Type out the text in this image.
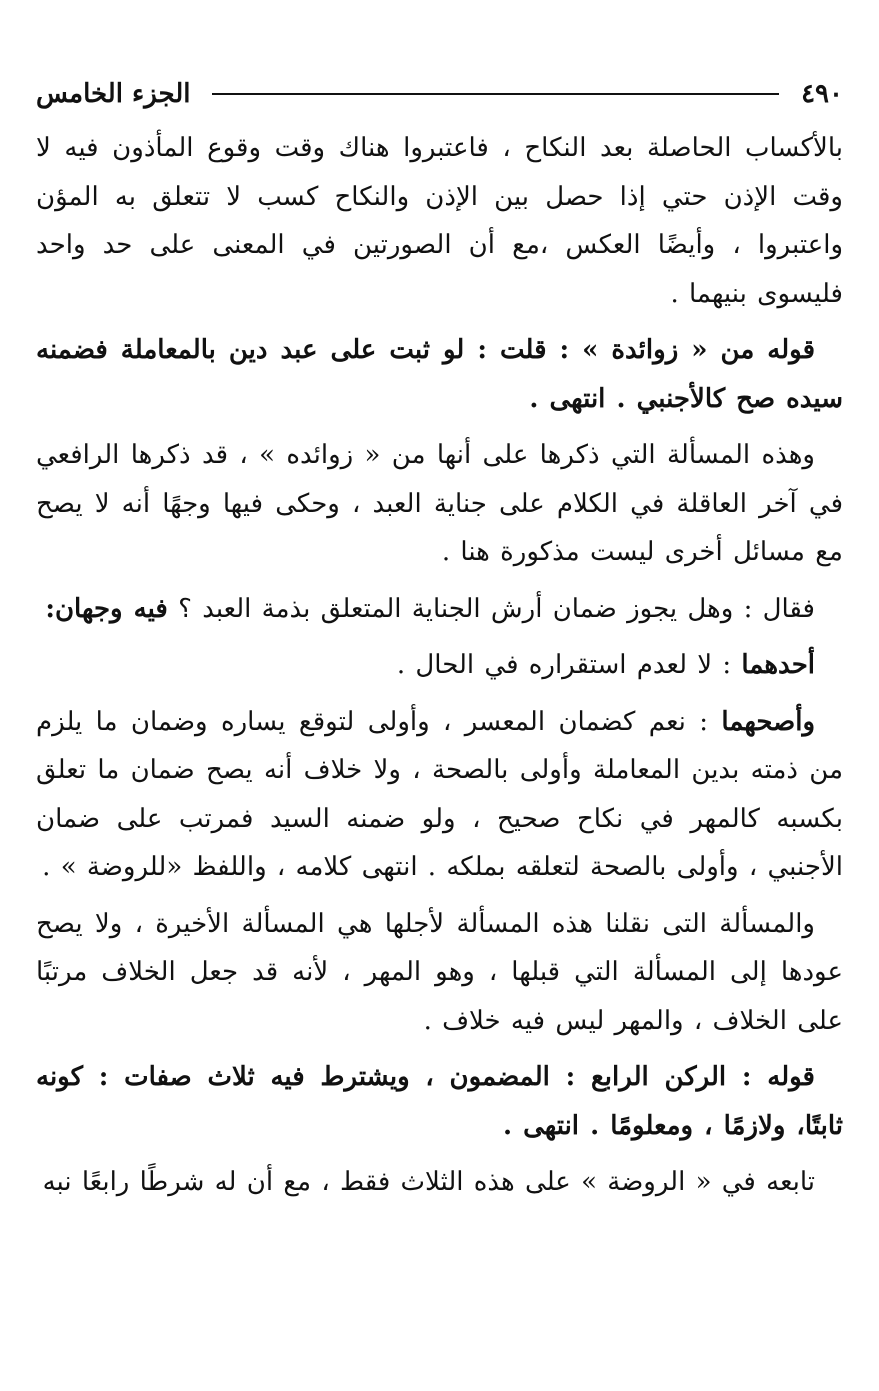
٤٩٠
الجزء الخامس

بالأكساب الحاصلة بعد النكاح ، فاعتبروا هناك وقت وقوع المأذون فيه لا وقت الإذن حتي إذا حصل بين الإذن والنكاح كسب لا تتعلق به المؤن واعتبروا ، وأيضًا العكس ،مع أن الصورتين في المعنى على حد واحد فليسوى بنيهما .

قوله من « زوائدة » : قلت : لو ثبت على عبد دين بالمعاملة فضمنه سيده صح كالأجنبي . انتهى .

وهذه المسألة التي ذكرها على أنها من « زوائده » ، قد ذكرها الرافعي في آخر العاقلة في الكلام على جناية العبد ، وحكى فيها وجهًا أنه لا يصح مع مسائل أخرى ليست مذكورة هنا .

فقال : وهل يجوز ضمان أرش الجناية المتعلق بذمة العبد ؟ فيه وجهان:

أحدهما : لا لعدم استقراره في الحال .

وأصحهما : نعم كضمان المعسر ، وأولى لتوقع يساره وضمان ما يلزم من ذمته بدين المعاملة وأولى بالصحة ، ولا خلاف أنه يصح ضمان ما تعلق بكسبه كالمهر في نكاح صحيح ، ولو ضمنه السيد فمرتب على ضمان الأجنبي ، وأولى بالصحة لتعلقه بملكه . انتهى كلامه ، واللفظ «للروضة » .

والمسألة التى نقلنا هذه المسألة لأجلها هي المسألة الأخيرة ، ولا يصح عودها إلى المسألة التي قبلها ، وهو المهر ، لأنه قد جعل الخلاف مرتبًا على الخلاف ، والمهر ليس فيه خلاف .

قوله : الركن الرابع : المضمون ، ويشترط فيه ثلاث صفات : كونه ثابتًا، ولازمًا ، ومعلومًا . انتهى .

تابعه في « الروضة » على هذه الثلاث فقط ، مع أن له شرطًا رابعًا نبه
